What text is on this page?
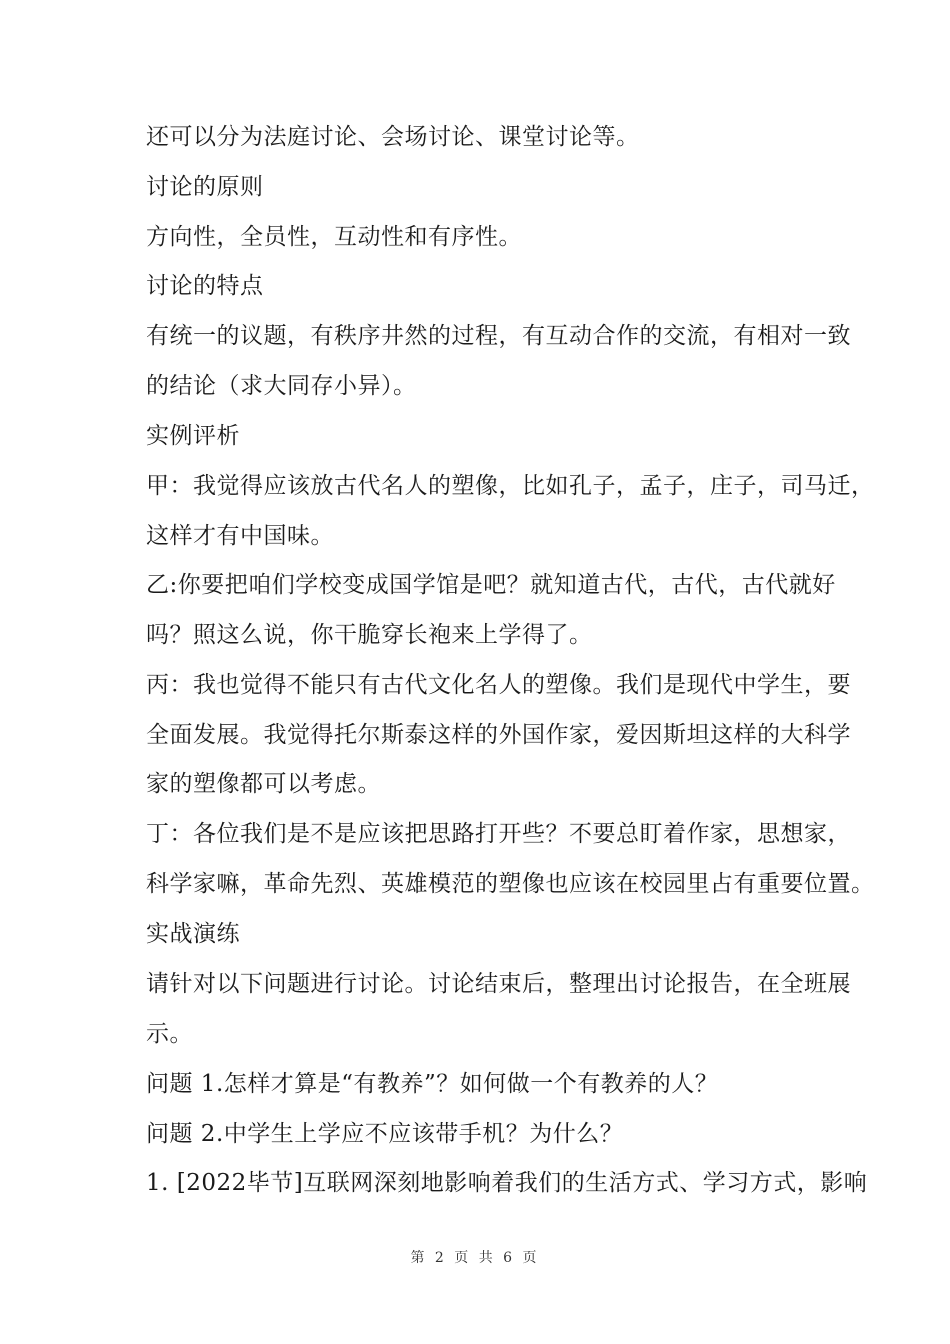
还可以分为法庭讨论、会场讨论、课堂讨论等。
讨论的原则
方向性，全员性，互动性和有序性。
讨论的特点
有统一的议题，有秩序井然的过程，有互动合作的交流，有相对一致
的结论（求大同存小异）。
实例评析
甲：我觉得应该放古代名人的塑像，比如孔子，孟子，庄子，司马迁，
这样才有中国味。
乙:你要把咱们学校变成国学馆是吧？就知道古代，古代，古代就好
吗？照这么说，你干脆穿长袍来上学得了。
丙：我也觉得不能只有古代文化名人的塑像。我们是现代中学生，要
全面发展。我觉得托尔斯泰这样的外国作家，爱因斯坦这样的大科学
家的塑像都可以考虑。
丁：各位我们是不是应该把思路打开些？不要总盯着作家，思想家，
科学家嘛，革命先烈、英雄模范的塑像也应该在校园里占有重要位置。
实战演练
请针对以下问题进行讨论。讨论结束后，整理出讨论报告，在全班展
示。
问题 1.怎样才算是“有教养”？如何做一个有教养的人？
问题 2.中学生上学应不应该带手机？为什么？
1. [2022毕节]互联网深刻地影响着我们的生活方式、学习方式，影响
第 2 页 共 6 页
